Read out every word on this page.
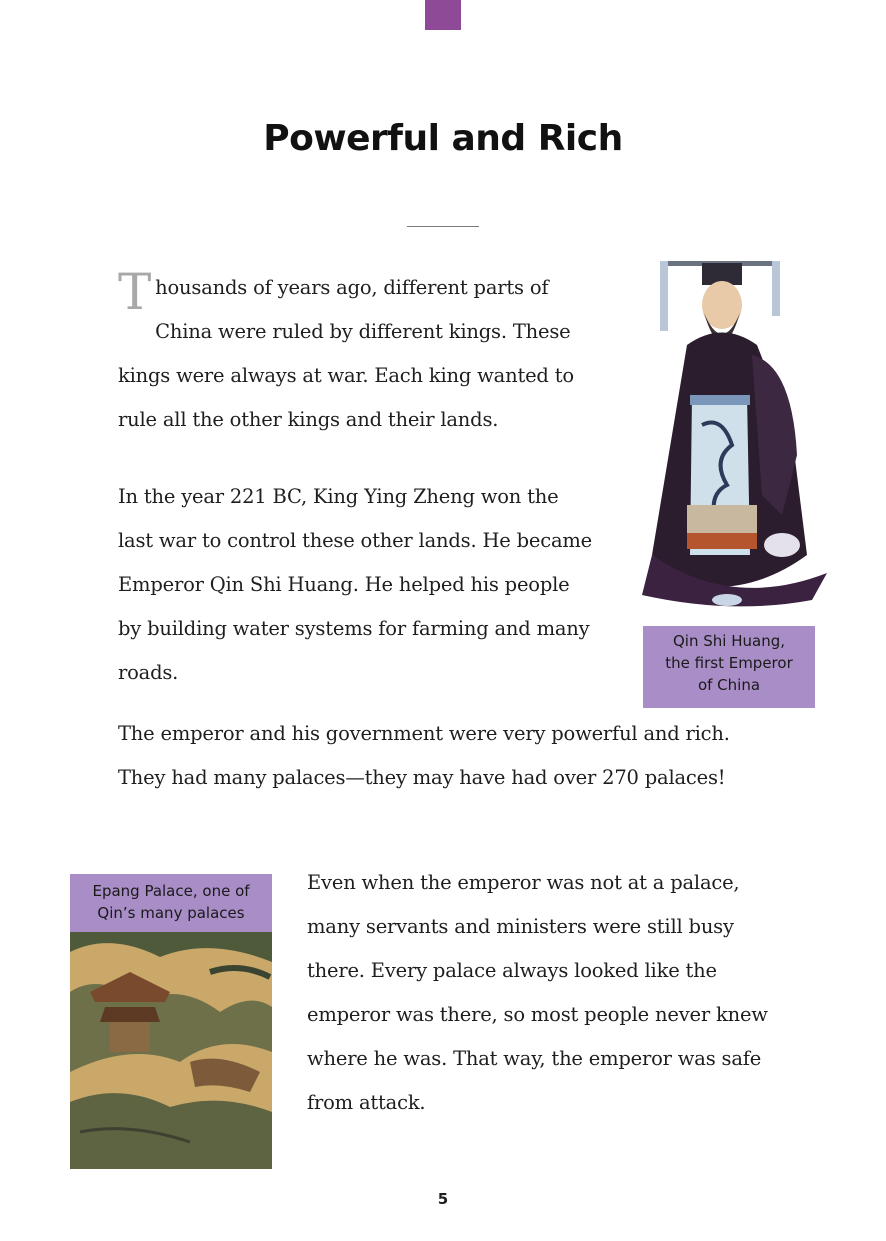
Powerful and Rich

Thousands of years ago, different parts of China were ruled by different kings. These kings were always at war. Each king wanted to rule all the other kings and their lands.

In the year 221 BC, King Ying Zheng won the last war to control these other lands. He became Emperor Qin Shi Huang. He helped his people by building water systems for farming and many roads.

Qin Shi Huang,
the first Emperor
of China

The emperor and his government were very powerful and rich. They had many palaces—they may have had over 270 palaces!

Epang Palace, one of
Qin’s many palaces

Even when the emperor was not at a palace, many servants and ministers were still busy there. Every palace always looked like the emperor was there, so most people never knew where he was. That way, the emperor was safe from attack.

5
